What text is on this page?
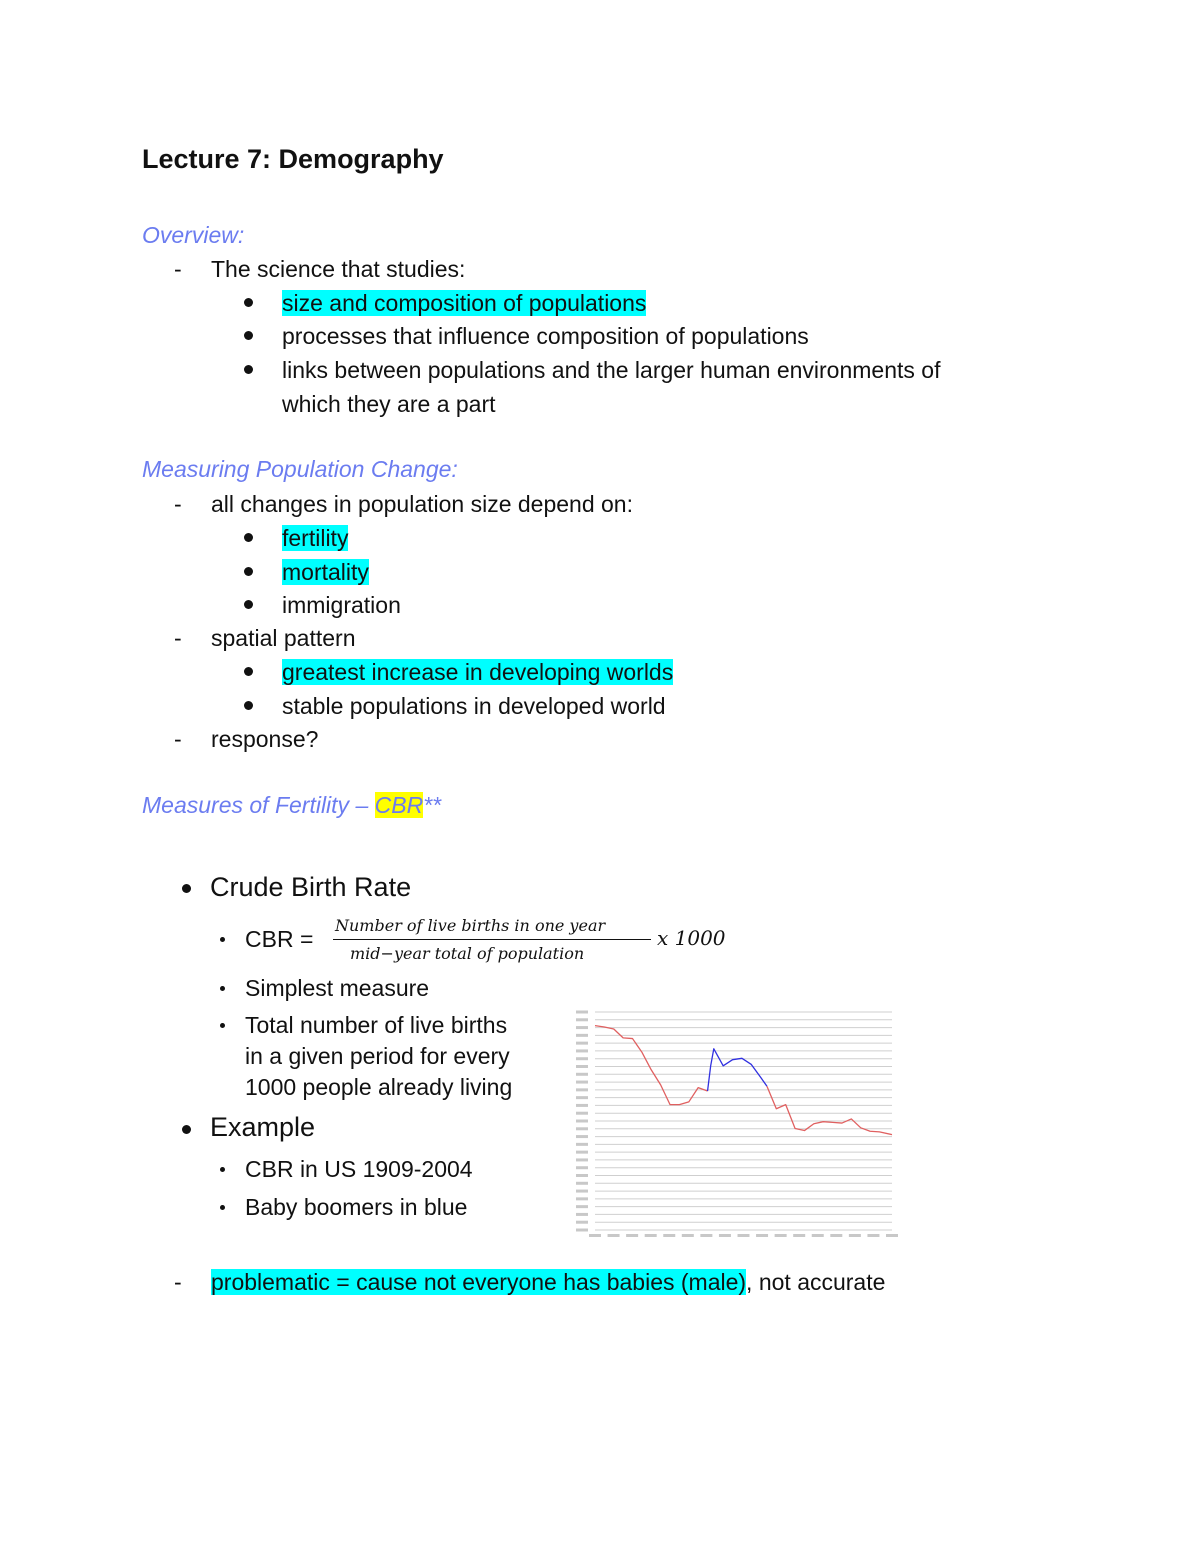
Lecture 7: Demography
Overview:
- The science that studies:
size and composition of populations
processes that influence composition of populations
links between populations and the larger human environments of
which they are a part
Measuring Population Change:
- all changes in population size depend on:
fertility
mortality
immigration
- spatial pattern
greatest increase in developing worlds
stable populations in developed world
- response?
Measures of Fertility – CBR**
Crude Birth Rate
CBR =
Number of live births in one year
mid−year total of population
x 1000
Simplest measure
Total number of live births
in a given period for every
1000 people already living
Example
CBR in US 1909-2004
Baby boomers in blue
- problematic = cause not everyone has babies (male), not accurate
